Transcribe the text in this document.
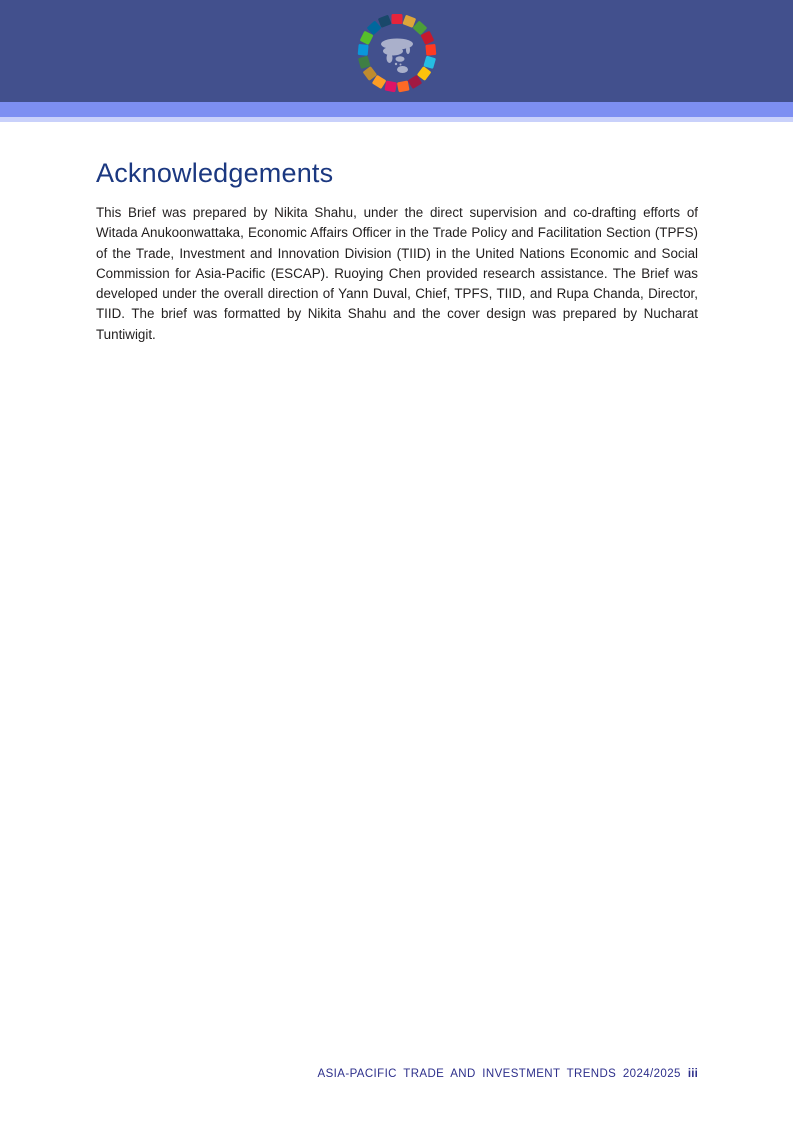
Acknowledgements

This Brief was prepared by Nikita Shahu, under the direct supervision and co-drafting efforts of Witada Anukoonwattaka, Economic Affairs Officer in the Trade Policy and Facilitation Section (TPFS) of the Trade, Investment and Innovation Division (TIID) in the United Nations Economic and Social Commission for Asia-Pacific (ESCAP). Ruoying Chen provided research assistance. The Brief was developed under the overall direction of Yann Duval, Chief, TPFS, TIID, and Rupa Chanda, Director, TIID. The brief was formatted by Nikita Shahu and the cover design was prepared by Nucharat Tuntiwigit.

ASIA-PACIFIC TRADE AND INVESTMENT TRENDS 2024/2025 iii
